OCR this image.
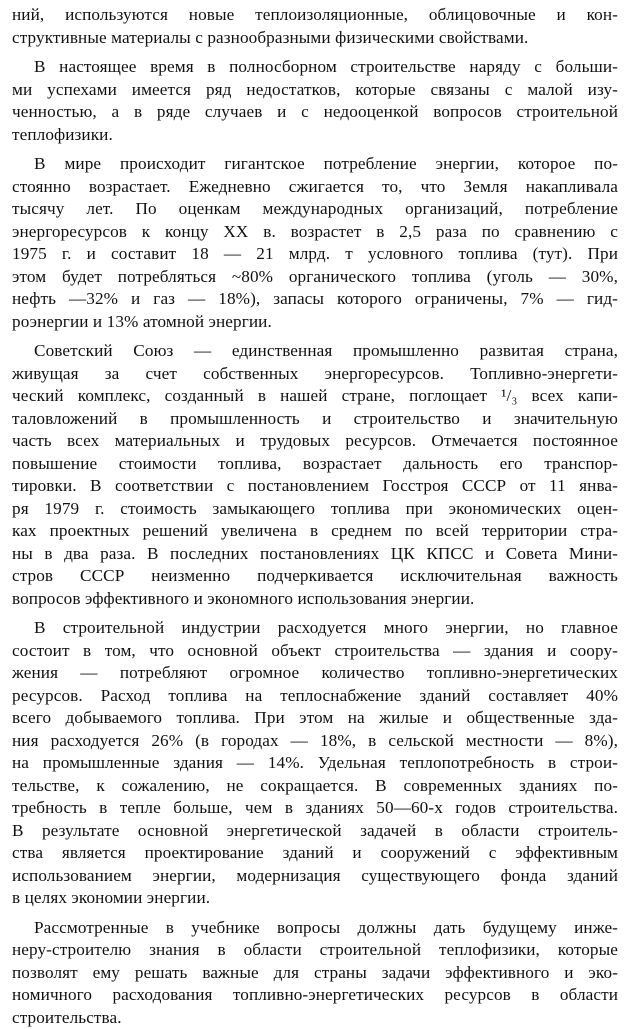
ний, используются новые теплоизоляционные, облицовочные и кон-
структивные материалы с разнообразными физическими свойствами.
В настоящее время в полносборном строительстве наряду с больши-
ми успехами имеется ряд недостатков, которые связаны с малой изу-
ченностью, а в ряде случаев и с недооценкой вопросов строительной
теплофизики.
В мире происходит гигантское потребление энергии, которое по-
стоянно возрастает. Ежедневно сжигается то, что Земля накапливала
тысячу лет. По оценкам международных организаций, потребление
энергоресурсов к концу XX в. возрастет в 2,5 раза по сравнению с
1975 г. и составит 18 — 21 млрд. т условного топлива (тут). При
этом будет потребляться ~80% органического топлива (уголь — 30%,
нефть —32% и газ — 18%), запасы которого ограничены, 7% — гид-
роэнергии и 13% атомной энергии.
Советский Союз — единственная промышленно развитая страна,
живущая за счет собственных энергоресурсов. Топливно-энергети-
ческий комплекс, созданный в нашей стране, поглощает ¹/₃ всех капи-
таловложений в промышленность и строительство и значительную
часть всех материальных и трудовых ресурсов. Отмечается постоянное
повышение стоимости топлива, возрастает дальность его транспор-
тировки. В соответствии с постановлением Госстроя СССР от 11 янва-
ря 1979 г. стоимость замыкающего топлива при экономических оцен-
ках проектных решений увеличена в среднем по всей территории стра-
ны в два раза. В последних постановлениях ЦК КПСС и Совета Мини-
стров СССР неизменно подчеркивается исключительная важность
вопросов эффективного и экономного использования энергии.
В строительной индустрии расходуется много энергии, но главное
состоит в том, что основной объект строительства — здания и соору-
жения — потребляют огромное количество топливно-энергетических
ресурсов. Расход топлива на теплоснабжение зданий составляет 40%
всего добываемого топлива. При этом на жилые и общественные зда-
ния расходуется 26% (в городах — 18%, в сельской местности — 8%),
на промышленные здания — 14%. Удельная теплопотребность в строи-
тельстве, к сожалению, не сокращается. В современных зданиях по-
требность в тепле больше, чем в зданиях 50—60-х годов строительства.
В результате основной энергетической задачей в области строитель-
ства является проектирование зданий и сооружений с эффективным
использованием энергии, модернизация существующего фонда зданий
в целях экономии энергии.
Рассмотренные в учебнике вопросы должны дать будущему инже-
неру-строителю знания в области строительной теплофизики, которые
позволят ему решать важные для страны задачи эффективного и эко-
номичного расходования топливно-энергетических ресурсов в области
строительства.
